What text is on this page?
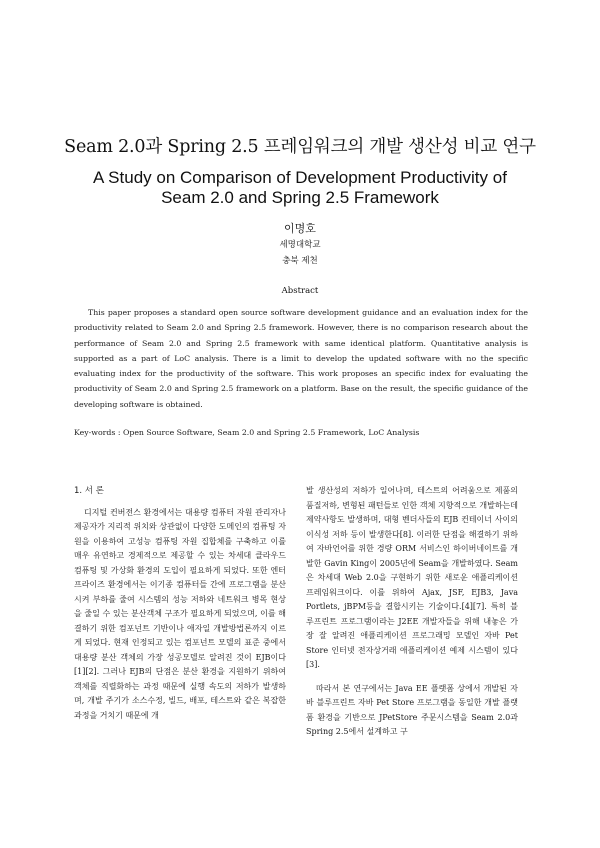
Seam 2.0과 Spring 2.5 프레임워크의 개발 생산성 비교 연구
A Study on Comparison of Development Productivity of
Seam 2.0 and Spring 2.5 Framework
이명호
세명대학교
충북 제천
Abstract
This paper proposes a standard open source software development guidance and an evaluation index for the productivity related to Seam 2.0 and Spring 2.5 framework. However, there is no comparison research about the performance of Seam 2.0 and Spring 2.5 framework with same identical platform. Quantitative analysis is supported as a part of LoC analysis. There is a limit to develop the updated software with no the specific evaluating index for the productivity of the software. This work proposes an specific index for evaluating the productivity of Seam 2.0 and Spring 2.5 framework on a platform. Base on the result, the specific guidance of the developing software is obtained.
Key-words : Open Source Software, Seam 2.0 and Spring 2.5 Framework, LoC Analysis
1. 서 론

디지털 컨버전스 환경에서는 대용량 컴퓨터 자원 관리자나 제공자가 지리적 위치와 상관없이 다양한 도메인의 컴퓨팅 자원을 이용하여 고성능 컴퓨팅 자원 집합체를 구축하고 이를 매우 유연하고 경제적으로 제공할 수 있는 차세대 클라우드 컴퓨팅 및 가상화 환경의 도입이 필요하게 되었다. 또한 엔터프라이즈 환경에서는 이기종 컴퓨터들 간에 프로그램을 분산시켜 부하를 줄여 시스템의 성능 저하와 네트워크 병목 현상을 줄일 수 있는 분산객체 구조가 필요하게 되었으며, 이를 해결하기 위한 컴포넌트 기반이나 애자일 개발방법론까지 이르게 되었다. 현재 인정되고 있는 컴포넌트 모델의 표준 중에서 대용량 분산 객체의 가장 성공모델로 알려진 것이 EJB이다[1][2]. 그러나 EJB의 단점은 분산 환경을 지원하기 위하여 객체를 직렬화하는 과정 때문에 실행 속도의 저하가 발생하며, 개발 주기가 소스수정, 빌드, 배포, 테스트와 같은 복잡한 과정을 거치기 때문에 개

발 생산성의 저하가 일어나며, 테스트의 어려움으로 제품의 품질저하, 변형된 패턴들로 인한 객체 지향적으로 개발하는데 제약사항도 발생하며, 대형 벤더사들의 EJB 컨테이너 사이의 이식성 저하 등이 발생한다[8]. 이러한 단점을 해결하기 위하여 자바언어를 위한 경량 ORM 서비스인 하이버네이트를 개발한 Gavin King이 2005년에 Seam을 개발하였다. Seam은 차세대 Web 2.0을 구현하기 위한 새로운 애플리케이션 프레임워크이다. 이를 위하여 Ajax, JSF, EJB3, Java Portlets, jBPM등을 결합시키는 기술이다.[4][7]. 특히 블루프린트 프로그램이라는 J2EE 개발자들을 위해 내놓은 가장 잘 알려진 애플리케이션 프로그래밍 모델인 자바 Pet Store 인터넷 전자상거래 애플리케이션 예제 시스템이 있다[3].

따라서 본 연구에서는 Java EE 플랫폼 상에서 개발된 자바 블루프린트 자바 Pet Store 프로그램을 동일한 개발 플랫폼 환경을 기반으로 JPetStore 주문시스템을 Seam 2.0과 Spring 2.5에서 설계하고 구
